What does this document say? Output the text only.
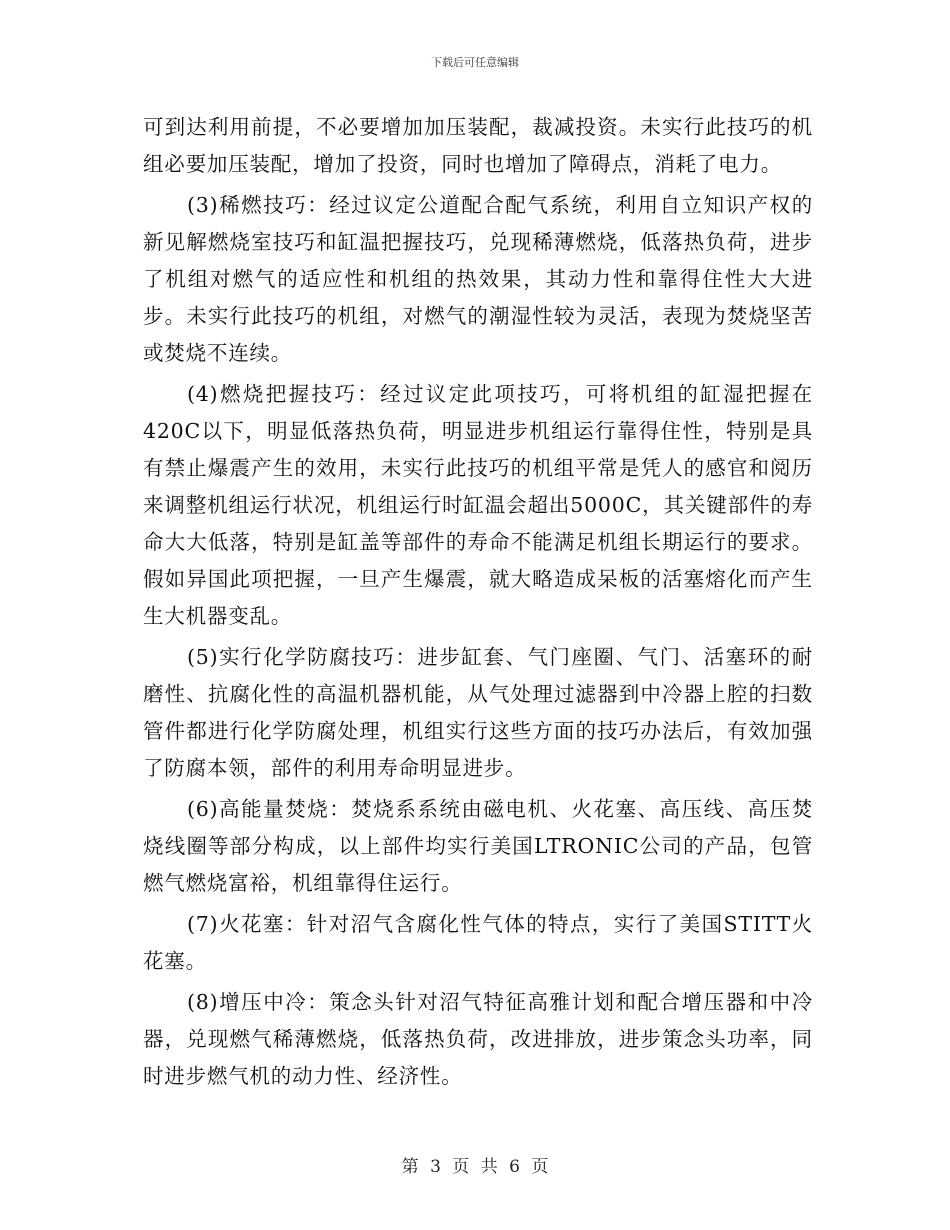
下载后可任意编辑

可到达利用前提，不必要增加加压装配，裁减投资。未实行此技巧的机组必要加压装配，增加了投资，同时也增加了障碍点，消耗了电力。

(3)稀燃技巧：经过议定公道配合配气系统，利用自立知识产权的新见解燃烧室技巧和缸温把握技巧，兑现稀薄燃烧，低落热负荷，进步了机组对燃气的适应性和机组的热效果，其动力性和靠得住性大大进步。未实行此技巧的机组，对燃气的潮湿性较为灵活，表现为焚烧坚苦或焚烧不连续。

(4)燃烧把握技巧：经过议定此项技巧，可将机组的缸湿把握在420C以下，明显低落热负荷，明显进步机组运行靠得住性，特别是具有禁止爆震产生的效用，未实行此技巧的机组平常是凭人的感官和阅历来调整机组运行状况，机组运行时缸温会超出5000C，其关键部件的寿命大大低落，特别是缸盖等部件的寿命不能满足机组长期运行的要求。假如异国此项把握，一旦产生爆震，就大略造成呆板的活塞熔化而产生生大机器变乱。

(5)实行化学防腐技巧：进步缸套、气门座圈、气门、活塞环的耐磨性、抗腐化性的高温机器机能，从气处理过滤器到中冷器上腔的扫数管件都进行化学防腐处理，机组实行这些方面的技巧办法后，有效加强了防腐本领，部件的利用寿命明显进步。

(6)高能量焚烧：焚烧系系统由磁电机、火花塞、高压线、高压焚烧线圈等部分构成，以上部件均实行美国LTRONIC公司的产品，包管燃气燃烧富裕，机组靠得住运行。

(7)火花塞：针对沼气含腐化性气体的特点，实行了美国STITT火花塞。

(8)增压中冷：策念头针对沼气特征高雅计划和配合增压器和中冷器，兑现燃气稀薄燃烧，低落热负荷，改进排放，进步策念头功率，同时进步燃气机的动力性、经济性。

第 3 页 共 6 页
